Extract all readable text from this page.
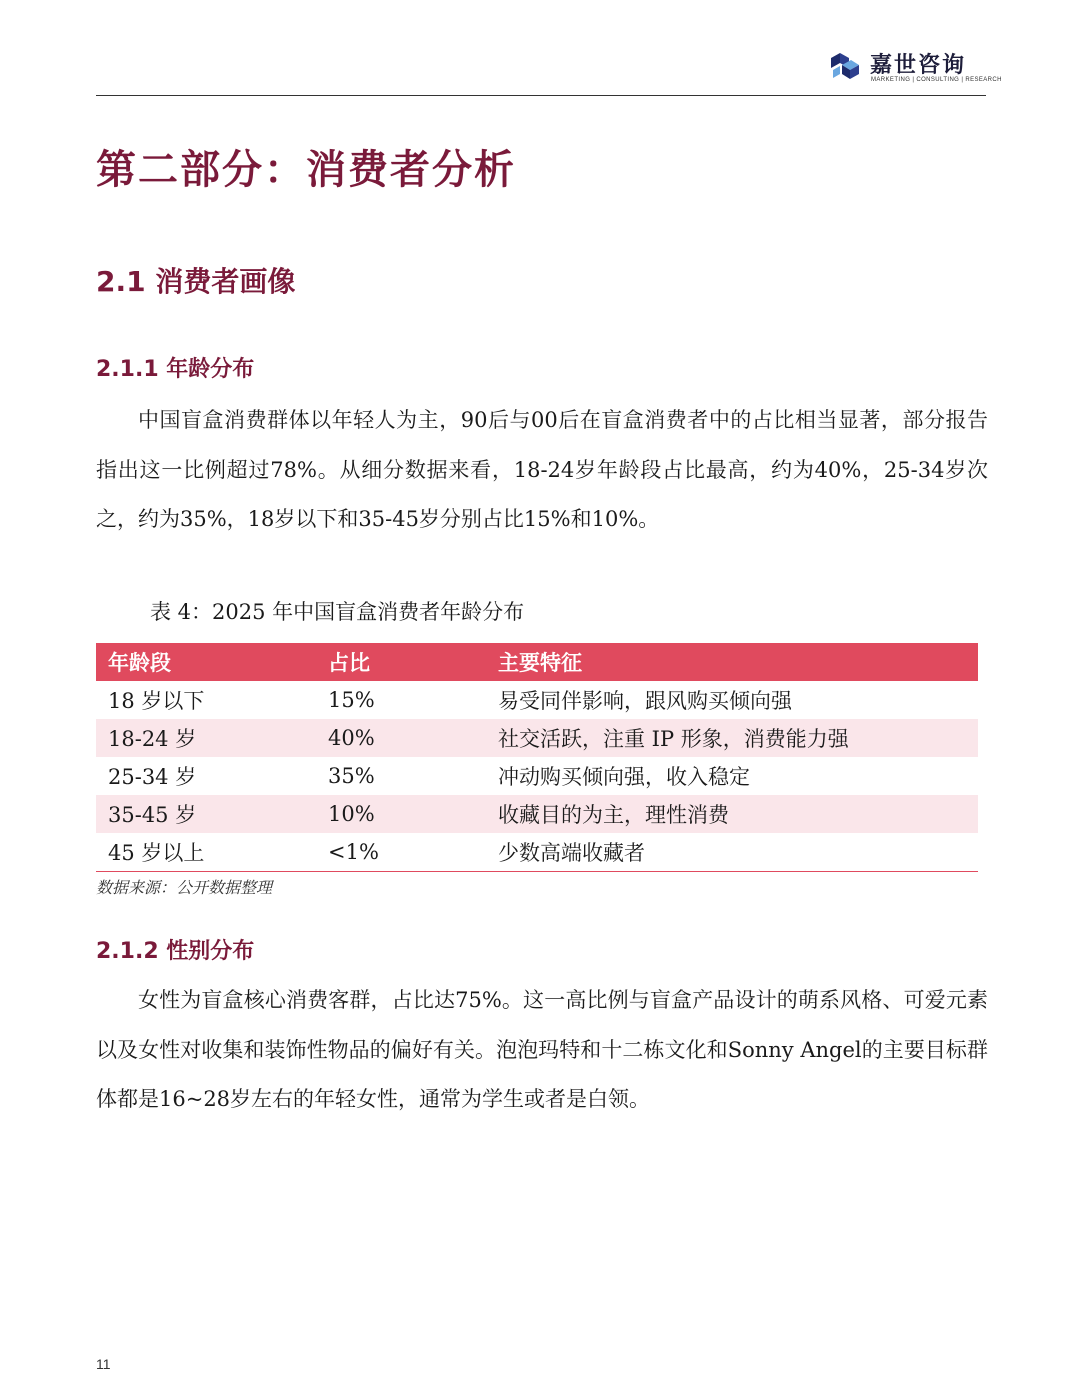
嘉世咨询
MARKETING | CONSULTING | RESEARCH
第二部分：消费者分析
2.1 消费者画像
2.1.1 年龄分布

中国盲盒消费群体以年轻人为主，90后与00后在盲盒消费者中的占比相当显著，部分报告指出这一比例超过78%。从细分数据来看，18-24岁年龄段占比最高，约为40%，25-34岁次之，约为35%，18岁以下和35-45岁分别占比15%和10%。

表 4：2025 年中国盲盒消费者年龄分布
年龄段	占比	主要特征
18 岁以下	15%	易受同伴影响，跟风购买倾向强
18-24 岁	40%	社交活跃，注重 IP 形象，消费能力强
25-34 岁	35%	冲动购买倾向强，收入稳定
35-45 岁	10%	收藏目的为主，理性消费
45 岁以上	<1%	少数高端收藏者
数据来源：公开数据整理
2.1.2 性别分布

女性为盲盒核心消费客群，占比达75%。这一高比例与盲盒产品设计的萌系风格、可爱元素以及女性对收集和装饰性物品的偏好有关。泡泡玛特和十二栋文化和Sonny Angel的主要目标群体都是16~28岁左右的年轻女性，通常为学生或者是白领。

11
